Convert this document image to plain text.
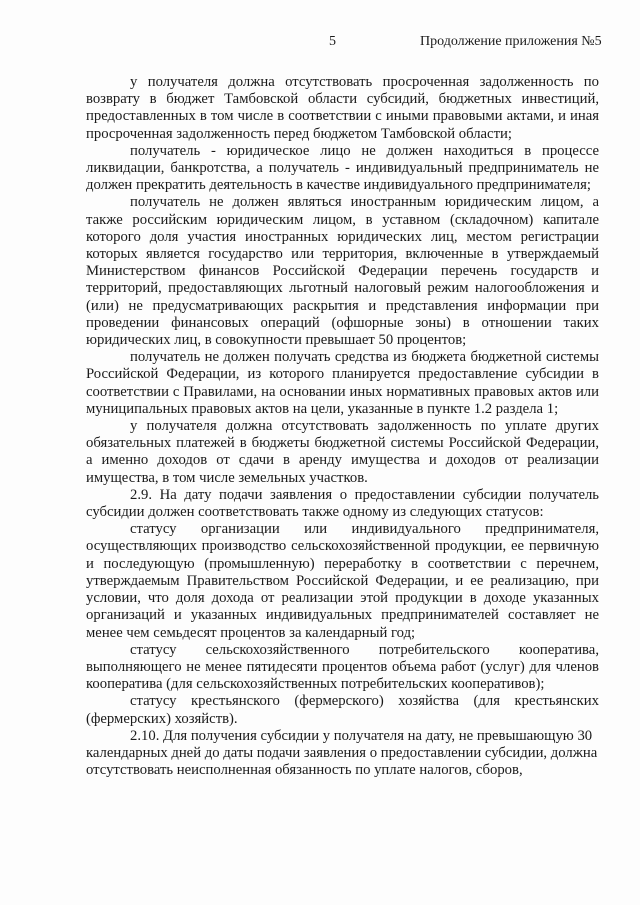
5	Продолжение приложения №5

у получателя должна отсутствовать просроченная задолженность по возврату в бюджет Тамбовской области субсидий, бюджетных инвестиций, предоставленных в том числе в соответствии с иными правовыми актами, и иная просроченная задолженность перед бюджетом Тамбовской области;

получатель - юридическое лицо не должен находиться в процессе ликвидации, банкротства, а получатель - индивидуальный предприниматель не должен прекратить деятельность в качестве индивидуального предпринимателя;

получатель не должен являться иностранным юридическим лицом, а также российским юридическим лицом, в уставном (складочном) капитале которого доля участия иностранных юридических лиц, местом регистрации которых является государство или территория, включенные в утверждаемый Министерством финансов Российской Федерации перечень государств и территорий, предоставляющих льготный налоговый режим налогообложения и (или) не предусматривающих раскрытия и представления информации при проведении финансовых операций (офшорные зоны) в отношении таких юридических лиц, в совокупности превышает 50 процентов;

получатель не должен получать средства из бюджета бюджетной системы Российской Федерации, из которого планируется предоставление субсидии в соответствии с Правилами, на основании иных нормативных правовых актов или муниципальных правовых актов на цели, указанные в пункте 1.2 раздела 1;

у получателя должна отсутствовать задолженность по уплате других обязательных платежей в бюджеты бюджетной системы Российской Федерации, а именно доходов от сдачи в аренду имущества и доходов от реализации имущества, в том числе земельных участков.

2.9. На дату подачи заявления о предоставлении субсидии получатель субсидии должен соответствовать также одному из следующих статусов:

статусу организации или индивидуального предпринимателя, осуществляющих производство сельскохозяйственной продукции, ее первичную и последующую (промышленную) переработку в соответствии с перечнем, утверждаемым Правительством Российской Федерации, и ее реализацию, при условии, что доля дохода от реализации этой продукции в доходе указанных организаций и указанных индивидуальных предпринимателей составляет не менее чем семьдесят процентов за календарный год;

статусу сельскохозяйственного потребительского кооператива, выполняющего не менее пятидесяти процентов объема работ (услуг) для членов кооператива (для сельскохозяйственных потребительских кооперативов);

статусу крестьянского (фермерского) хозяйства (для крестьянских (фермерских) хозяйств).

2.10. Для получения субсидии у получателя на дату, не превышающую 30 календарных дней до даты подачи заявления о предоставлении субсидии, должна отсутствовать неисполненная обязанность по уплате налогов, сборов,
